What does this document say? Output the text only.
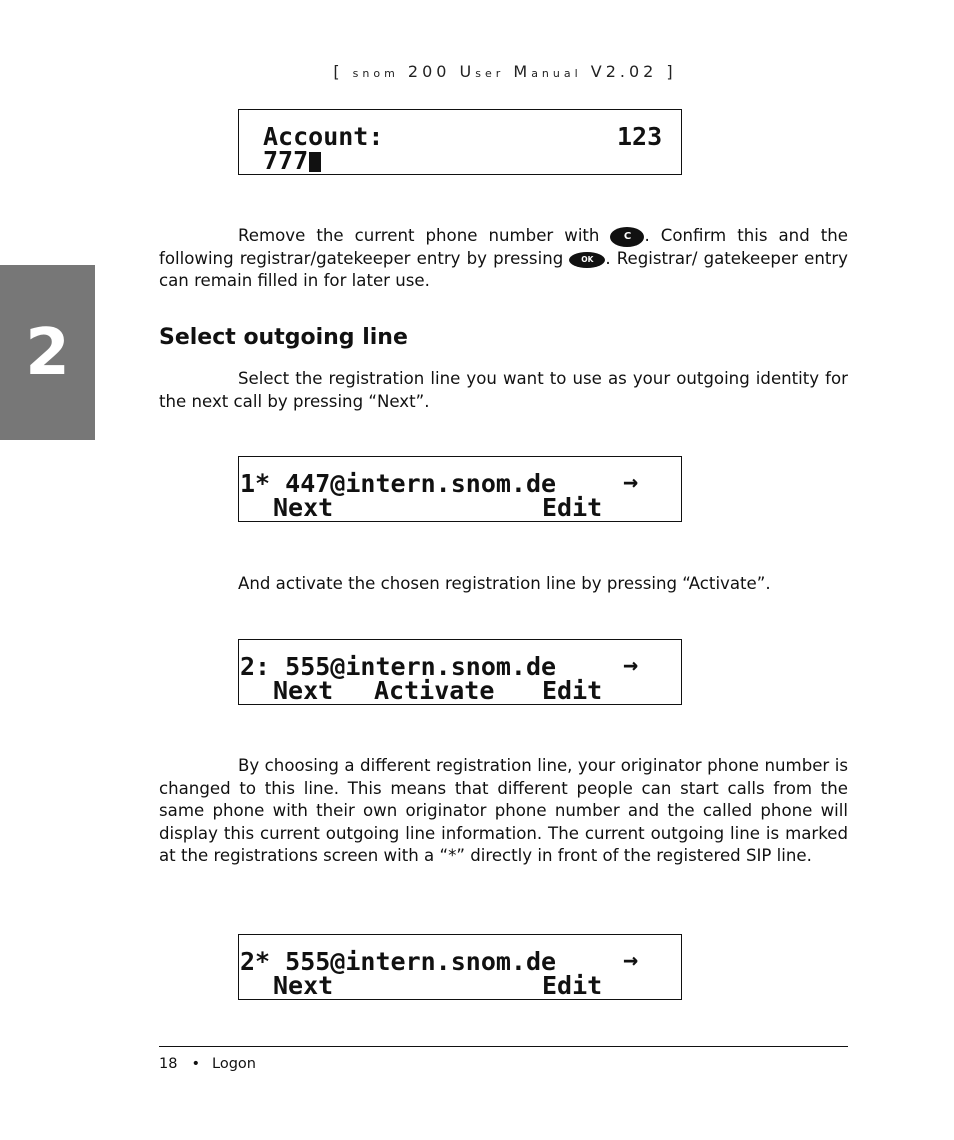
[ snom 200 User Manual V2.02 ]
2
Account:	123
777

Remove the current phone number with C . Confirm this and the following registrar/gatekeeper entry by pressing OK . Registrar/ gatekeeper entry can remain filled in for later use.

Select outgoing line

Select the registration line you want to use as your outgoing identity for the next call by pressing “Next”.

1* 447@intern.snom.de	→
Next	Edit

And activate the chosen registration line by pressing “Activate”.

2: 555@intern.snom.de	→
Next Activate Edit

By choosing a different registration line, your originator phone number is changed to this line. This means that different people can start calls from the same phone with their own originator phone number and the called phone will display this current outgoing line information. The current outgoing line is marked at the registrations screen with a “*” directly in front of the registered SIP line.

2* 555@intern.snom.de	→
Next	Edit
18 • Logon
